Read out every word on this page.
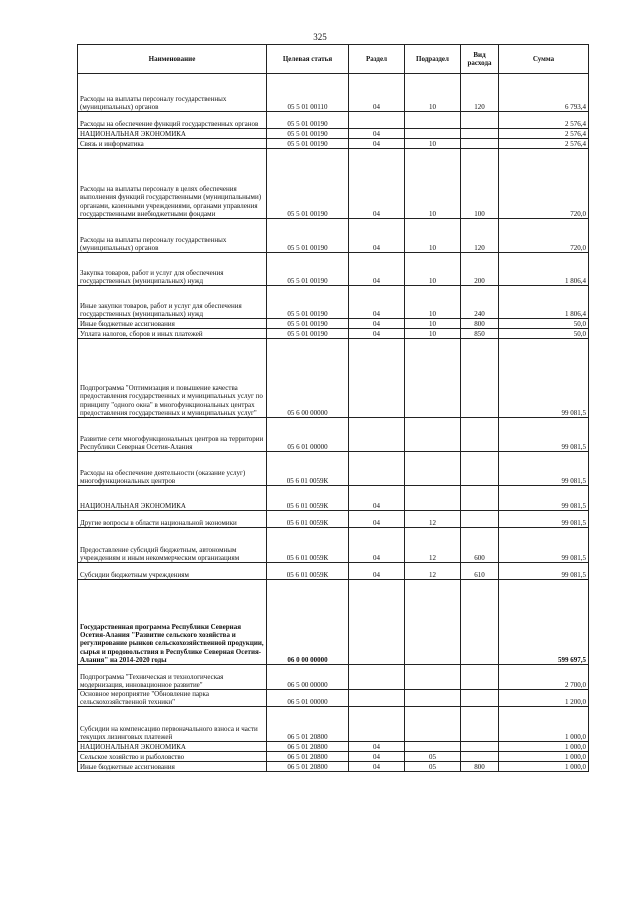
325
Наименование	Целевая статья	Раздел	Подраздел	Вид расхода	Сумма
Расходы на выплаты персоналу государственных (муниципальных) органов	05 5 01 00110	04	10	120	6 793,4
Расходы на обеспечение функций государственных органов	05 5 01 00190				2 576,4
НАЦИОНАЛЬНАЯ ЭКОНОМИКА	05 5 01 00190	04			2 576,4
Связь и информатика	05 5 01 00190	04	10		2 576,4
Расходы на выплаты персоналу в целях обеспечения выполнения функций государственными (муниципальными) органами, казенными учреждениями, органами управления государственными внебюджетными фондами	05 5 01 00190	04	10	100	720,0
Расходы на выплаты персоналу государственных (муниципальных) органов	05 5 01 00190	04	10	120	720,0
Закупка товаров, работ и услуг для обеспечения государственных (муниципальных) нужд	05 5 01 00190	04	10	200	1 806,4
Иные закупки товаров, работ и услуг для обеспечения государственных (муниципальных) нужд	05 5 01 00190	04	10	240	1 806,4
Иные бюджетные ассигнования	05 5 01 00190	04	10	800	50,0
Уплата налогов, сборов и иных платежей	05 5 01 00190	04	10	850	50,0
Подпрограмма "Оптимизация и повышение качества предоставления государственных и муниципальных услуг по принципу "одного окна" в многофункциональных центрах предоставления государственных и муниципальных услуг"	05 6 00 00000				99 081,5
Развитие сети многофункциональных центров на территории Республики Северная Осетия-Алания	05 6 01 00000				99 081,5
Расходы на обеспечение деятельности (оказание услуг) многофункциональных центров	05 6 01 0059К				99 081,5
НАЦИОНАЛЬНАЯ ЭКОНОМИКА	05 6 01 0059К	04			99 081,5
Другие вопросы в области национальной экономики	05 6 01 0059К	04	12		99 081,5
Предоставление субсидий бюджетным, автономным учреждениям и иным некоммерческим организациям	05 6 01 0059К	04	12	600	99 081,5
Субсидии бюджетным учреждениям	05 6 01 0059К	04	12	610	99 081,5
Государственная программа Республики Северная Осетия-Алания "Развитие сельского хозяйства и регулирование рынков сельскохозяйственной продукции, сырья и продовольствия в Республике Северная Осетия-Алания" на 2014-2020 годы	06 0 00 00000				599 697,5
Подпрограмма "Техническая и технологическая модернизация, инновационное развитие"	06 5 00 00000				2 700,0
Основное мероприятие "Обновление парка сельскохозяйственной техники"	06 5 01 00000				1 200,0
Субсидии на компенсацию первоначального взноса и части текущих лизинговых платежей	06 5 01 20800				1 000,0
НАЦИОНАЛЬНАЯ ЭКОНОМИКА	06 5 01 20800	04			1 000,0
Сельское хозяйство и рыболовство	06 5 01 20800	04	05		1 000,0
Иные бюджетные ассигнования	06 5 01 20800	04	05	800	1 000,0
